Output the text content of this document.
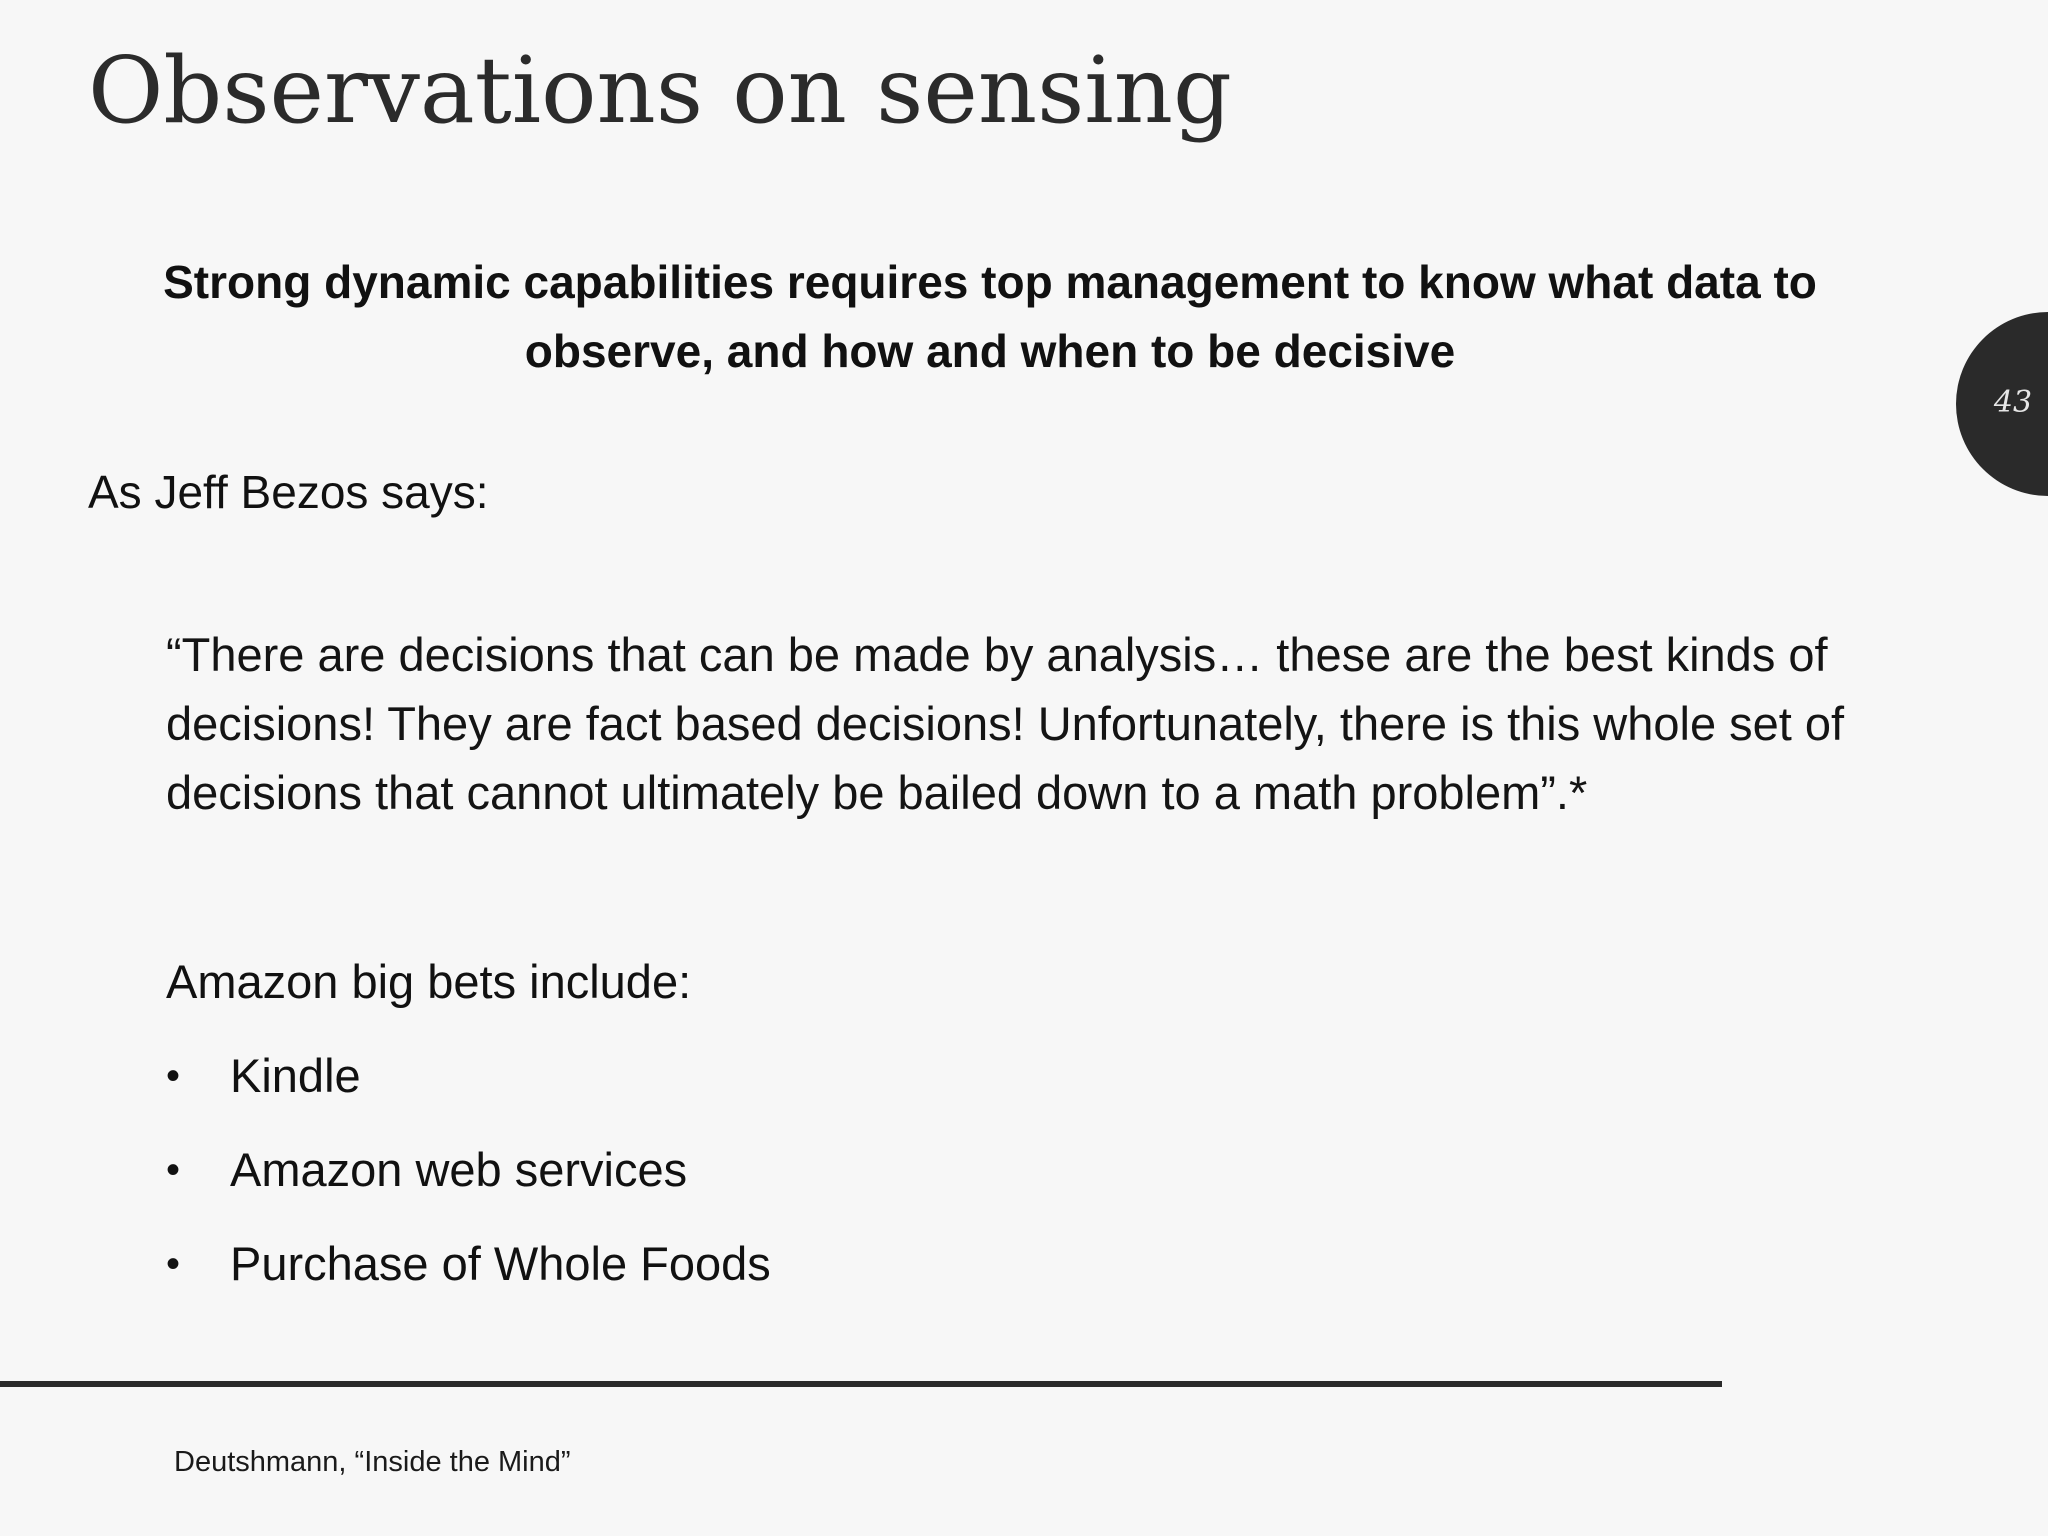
Observations on sensing

Strong dynamic capabilities requires top management to know what data to observe, and how and when to be decisive

As Jeff Bezos says:

“There are decisions that can be made by analysis… these are the best kinds of decisions! They are fact based decisions! Unfortunately, there is this whole set of decisions that cannot ultimately be bailed down to a math problem”.*

Amazon big bets include:

• Kindle
• Amazon web services
• Purchase of Whole Foods

Deutshmann, “Inside the Mind”

43
